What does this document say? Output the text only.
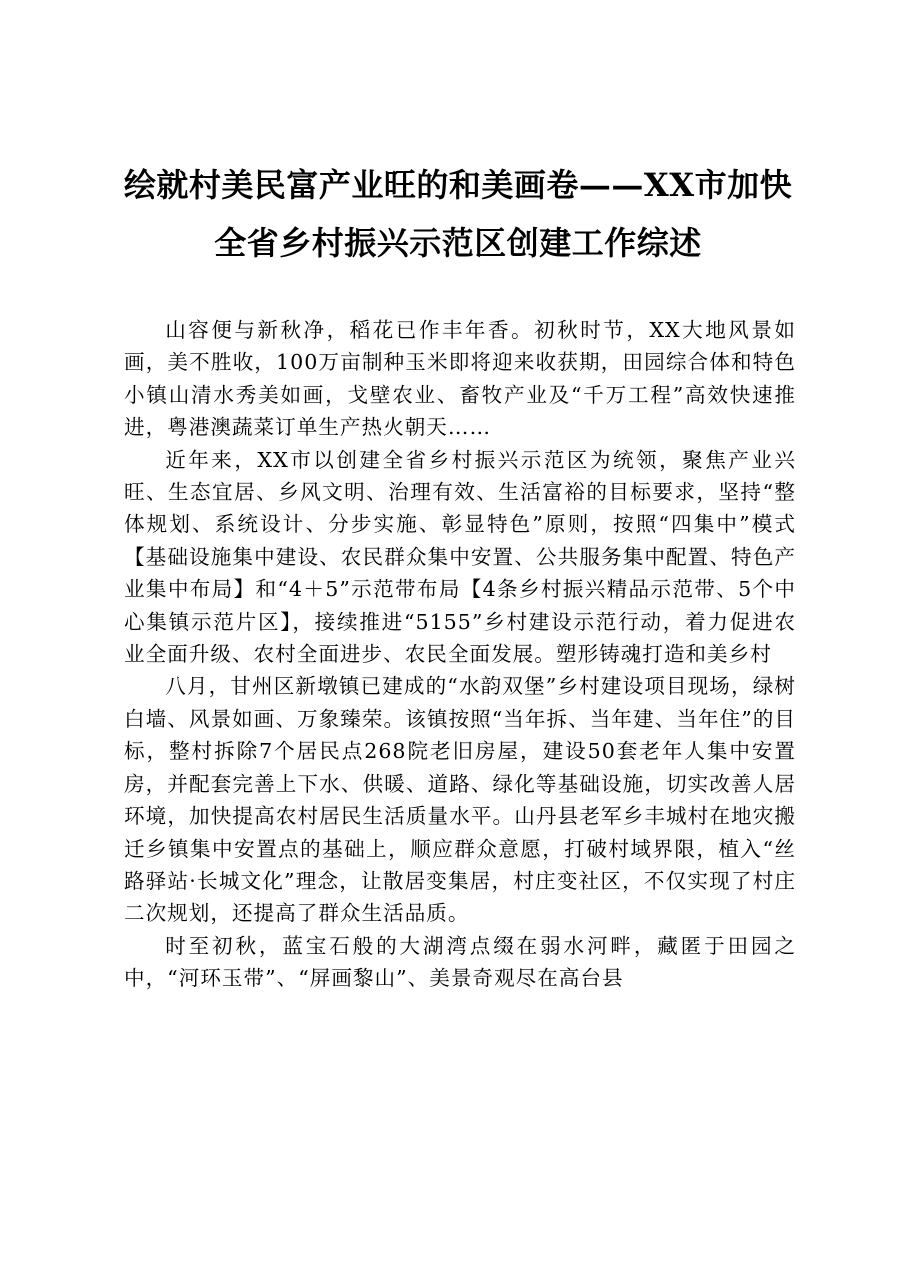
绘就村美民富产业旺的和美画卷——XX市加快全省乡村振兴示范区创建工作综述

山容便与新秋净，稻花已作丰年香。初秋时节，XX大地风景如画，美不胜收，100万亩制种玉米即将迎来收获期，田园综合体和特色小镇山清水秀美如画，戈壁农业、畜牧产业及“千万工程”高效快速推进，粤港澳蔬菜订单生产热火朝天……

近年来，XX市以创建全省乡村振兴示范区为统领，聚焦产业兴旺、生态宜居、乡风文明、治理有效、生活富裕的目标要求，坚持“整体规划、系统设计、分步实施、彰显特色”原则，按照“四集中”模式【基础设施集中建设、农民群众集中安置、公共服务集中配置、特色产业集中布局】和“4＋5”示范带布局【4条乡村振兴精品示范带、5个中心集镇示范片区】，接续推进“5155”乡村建设示范行动，着力促进农业全面升级、农村全面进步、农民全面发展。塑形铸魂打造和美乡村

八月，甘州区新墩镇已建成的“水韵双堡”乡村建设项目现场，绿树白墙、风景如画、万象臻荣。该镇按照“当年拆、当年建、当年住”的目标，整村拆除7个居民点268院老旧房屋，建设50套老年人集中安置房，并配套完善上下水、供暖、道路、绿化等基础设施，切实改善人居环境，加快提高农村居民生活质量水平。山丹县老军乡丰城村在地灾搬迁乡镇集中安置点的基础上，顺应群众意愿，打破村域界限，植入“丝路驿站·长城文化”理念，让散居变集居，村庄变社区，不仅实现了村庄二次规划，还提高了群众生活品质。

时至初秋，蓝宝石般的大湖湾点缀在弱水河畔，藏匿于田园之中，“河环玉带”、“屏画黎山”、美景奇观尽在高台县
